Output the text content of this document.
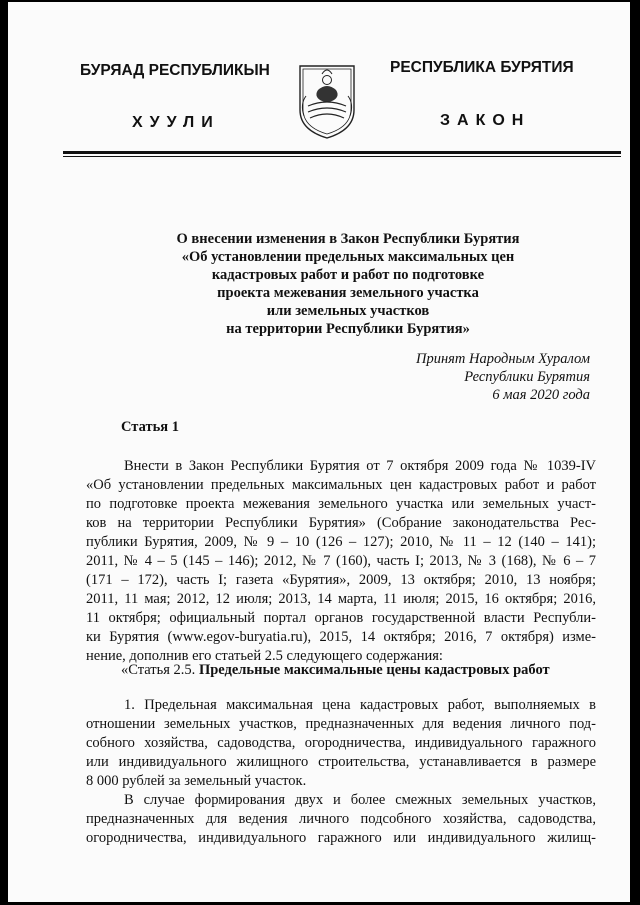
БУРЯАД РЕСПУБЛИКЫН	РЕСПУБЛИКА БУРЯТИЯ
ХУУЛИ	ЗАКОН
О внесении изменения в Закон Республики Бурятия
«Об установлении предельных максимальных цен
кадастровых работ и работ по подготовке
проекта межевания земельного участка
или земельных участков
на территории Республики Бурятия»
Принят Народным Хуралом
Республики Бурятия
6 мая 2020 года
Статья 1
Внести в Закон Республики Бурятия от 7 октября 2009 года № 1039-IV
«Об установлении предельных максимальных цен кадастровых работ и работ
по подготовке проекта межевания земельного участка или земельных участ-
ков на территории Республики Бурятия» (Собрание законодательства Рес-
публики Бурятия, 2009, № 9 – 10 (126 – 127); 2010, № 11 – 12 (140 – 141);
2011, № 4 – 5 (145 – 146); 2012, № 7 (160), часть I; 2013, № 3 (168), № 6 – 7
(171 – 172), часть I; газета «Бурятия», 2009, 13 октября; 2010, 13 ноября;
2011, 11 мая; 2012, 12 июля; 2013, 14 марта, 11 июля; 2015, 16 октября; 2016,
11 октября; официальный портал органов государственной власти Республи-
ки Бурятия (www.egov-buryatia.ru), 2015, 14 октября; 2016, 7 октября) изме-
нение, дополнив его статьей 2.5 следующего содержания:
«Статья 2.5. Предельные максимальные цены кадастровых работ
1. Предельная максимальная цена кадастровых работ, выполняемых в
отношении земельных участков, предназначенных для ведения личного под-
собного хозяйства, садоводства, огородничества, индивидуального гаражного
или индивидуального жилищного строительства, устанавливается в размере
8 000 рублей за земельный участок.
В случае формирования двух и более смежных земельных участков,
предназначенных для ведения личного подсобного хозяйства, садоводства,
огородничества, индивидуального гаражного или индивидуального жилищ-
